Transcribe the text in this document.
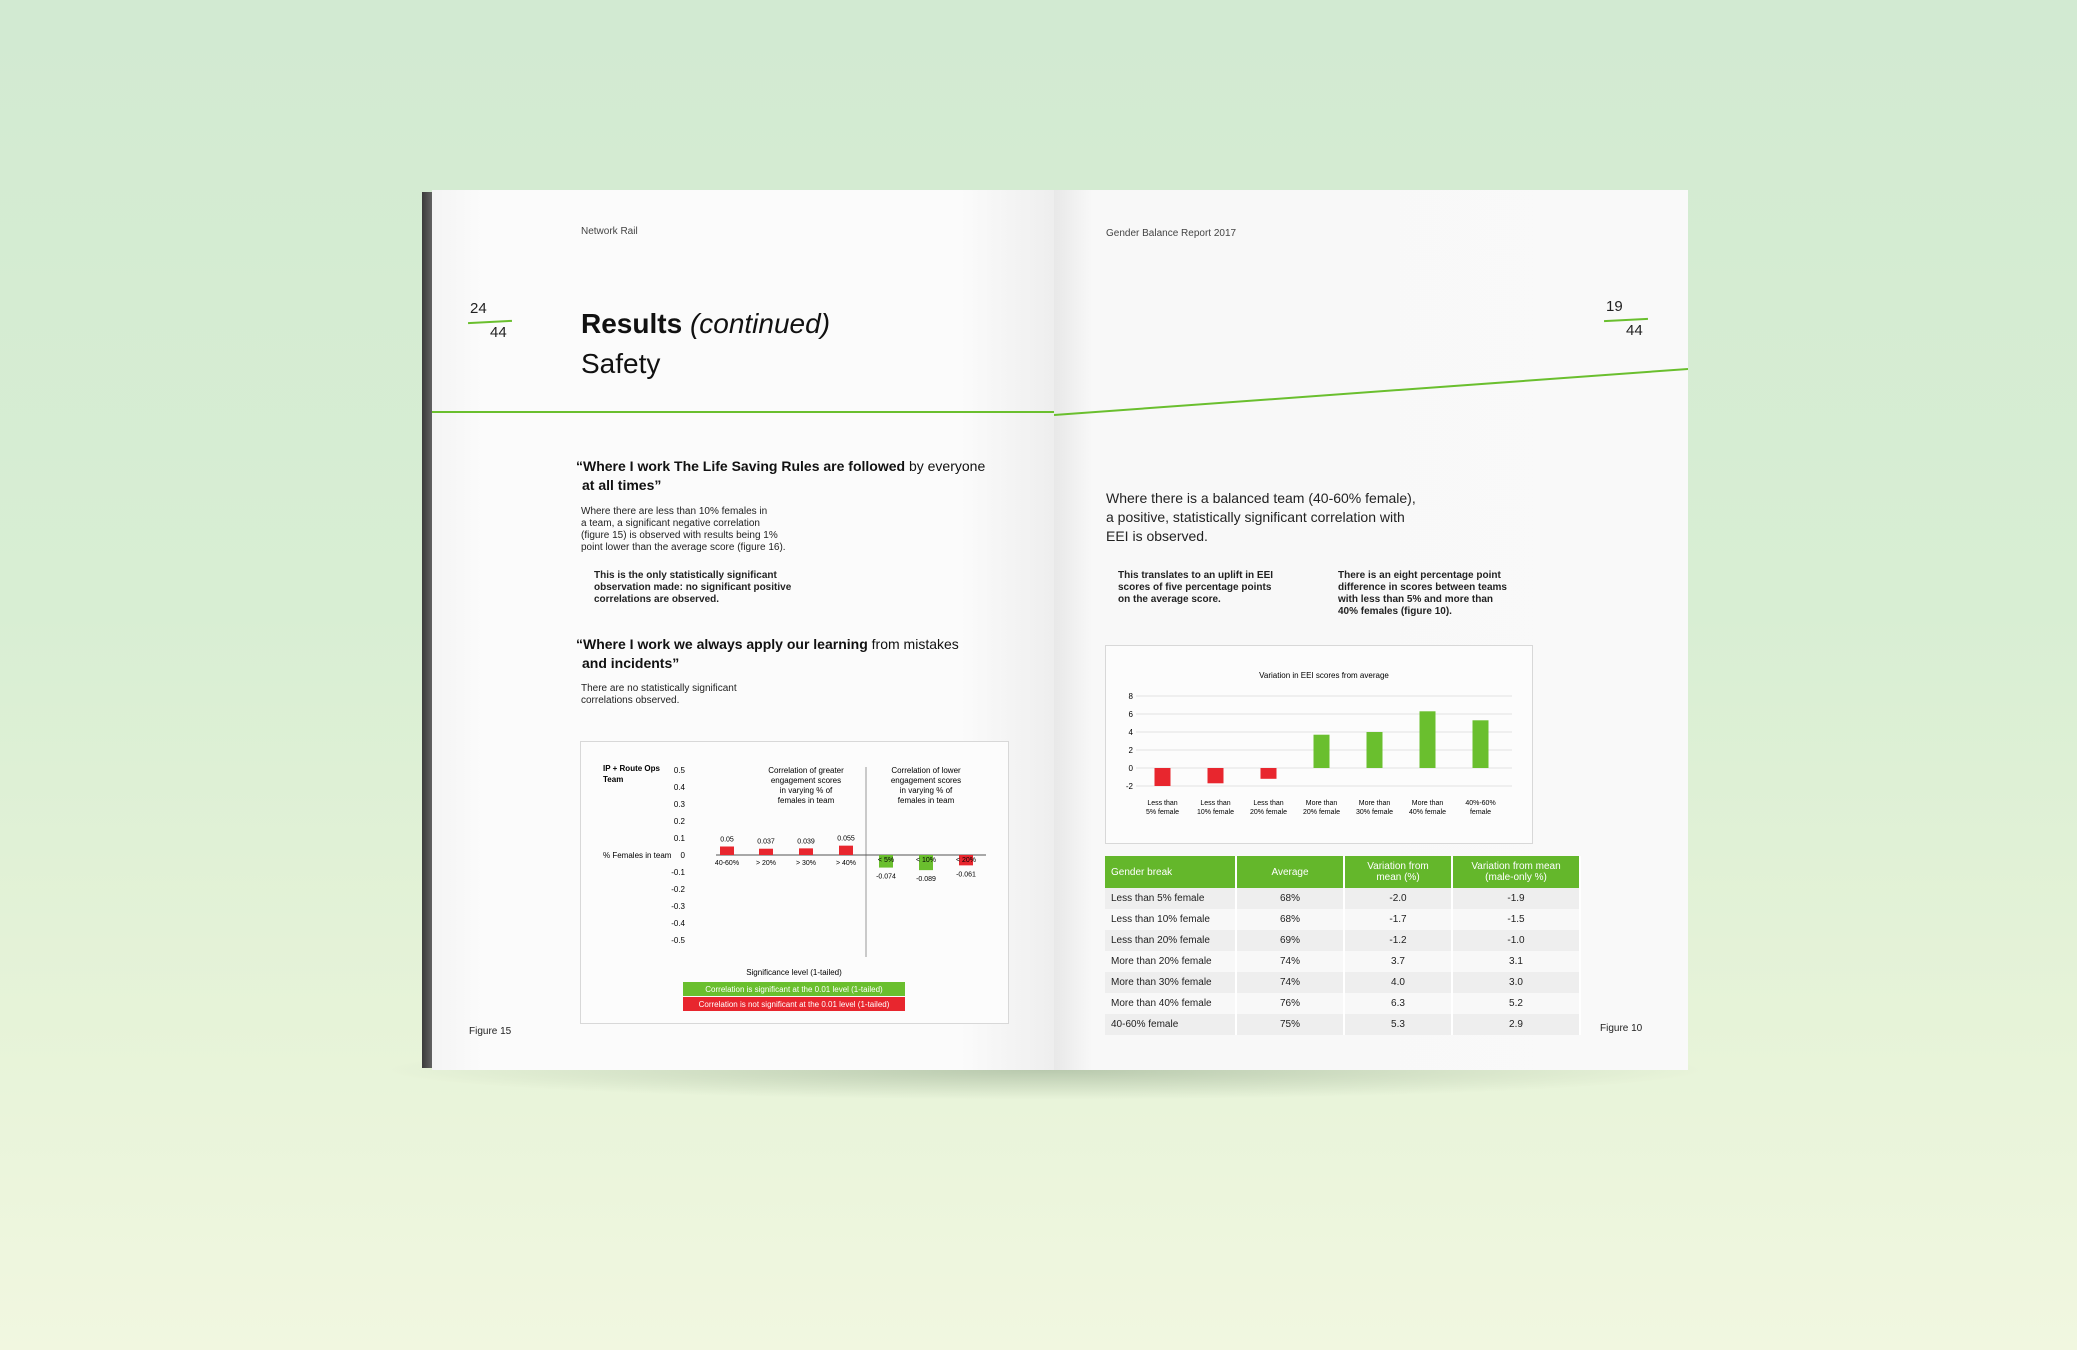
Network Rail
24
44	Results (continued)
Safety
“Where I work The Life Saving Rules are followed by everyone
at all times”
Where there are less than 10% females in
a team, a significant negative correlation
(figure 15) is observed with results being 1%
point lower than the average score (figure 16).
This is the only statistically significant
observation made: no significant positive
correlations are observed.
“Where I work we always apply our learning from mistakes
and incidents”
There are no statistically significant
correlations observed.
IP + Route Ops
Team
% Females in team
0.5
0.4
0.3
0.2
0.1
0
-0.1
-0.2
-0.3
-0.4
-0.5
Correlation of greater
engagement scores
in varying % of
females in team
Correlation of lower
engagement scores
in varying % of
females in team
0.05
40-60%
0.037
> 20%
0.039
> 30%
0.055
> 40%
-0.074
< 5%
-0.089
< 10%
-0.061
< 20%
Significance level (1-tailed)
Correlation is significant at the 0.01 level (1-tailed)
Correlation is not significant at the 0.01 level (1-tailed)
Figure 15
Gender Balance Report 2017
19
44
Where there is a balanced team (40-60% female),
a positive, statistically significant correlation with
EEI is observed.
This translates to an uplift in EEI
scores of five percentage points
on the average score.
There is an eight percentage point
difference in scores between teams
with less than 5% and more than
40% females (figure 10).
Variation in EEI scores from average
8
6
4
2
0
-2
Less than
5% female
Less than
10% female
Less than
20% female
More than
20% female
More than
30% female
More than
40% female
40%-60%
female
Gender break	Average	Variation from
mean (%)	Variation from mean
(male-only %)
Less than 5% female	68%	-2.0	-1.9
Less than 10% female	68%	-1.7	-1.5
Less than 20% female	69%	-1.2	-1.0
More than 20% female	74%	3.7	3.1
More than 30% female	74%	4.0	3.0
More than 40% female	76%	6.3	5.2
40-60% female	75%	5.3	2.9	Figure 10
